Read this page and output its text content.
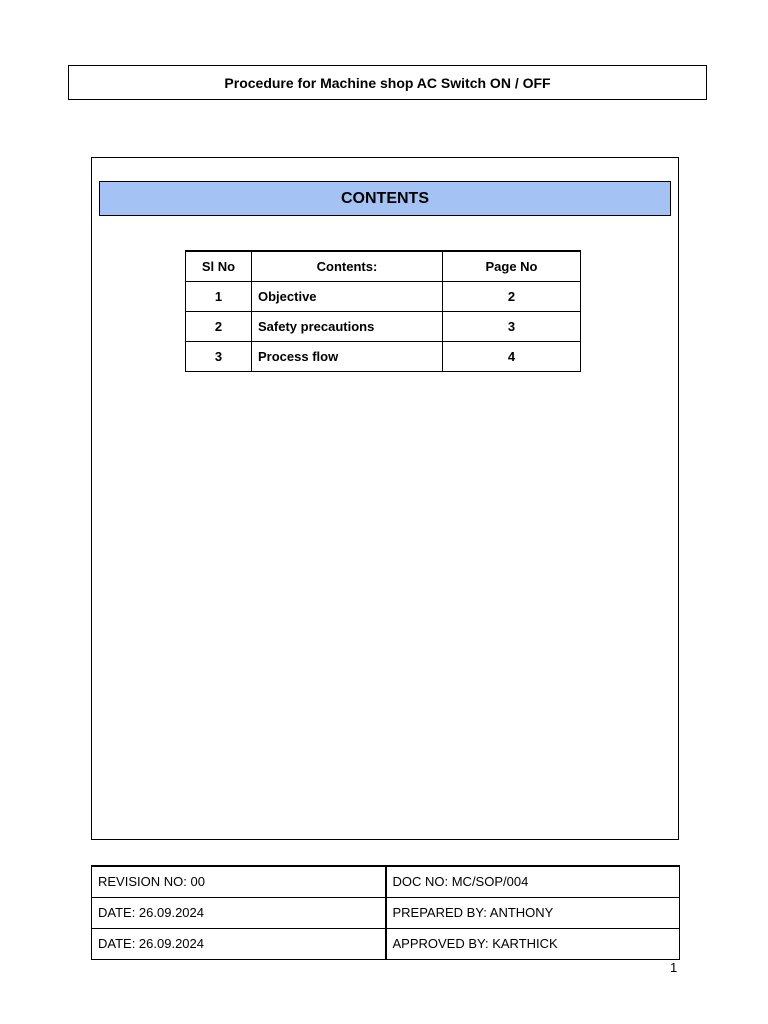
Procedure for Machine shop AC Switch ON / OFF
CONTENTS
Sl No	Contents:	Page No
1	Objective	2
2	Safety precautions	3
3	Process flow	4
REVISION NO: 00	DOC NO: MC/SOP/004
DATE: 26.09.2024	PREPARED BY: ANTHONY
DATE: 26.09.2024	APPROVED BY: KARTHICK
1
